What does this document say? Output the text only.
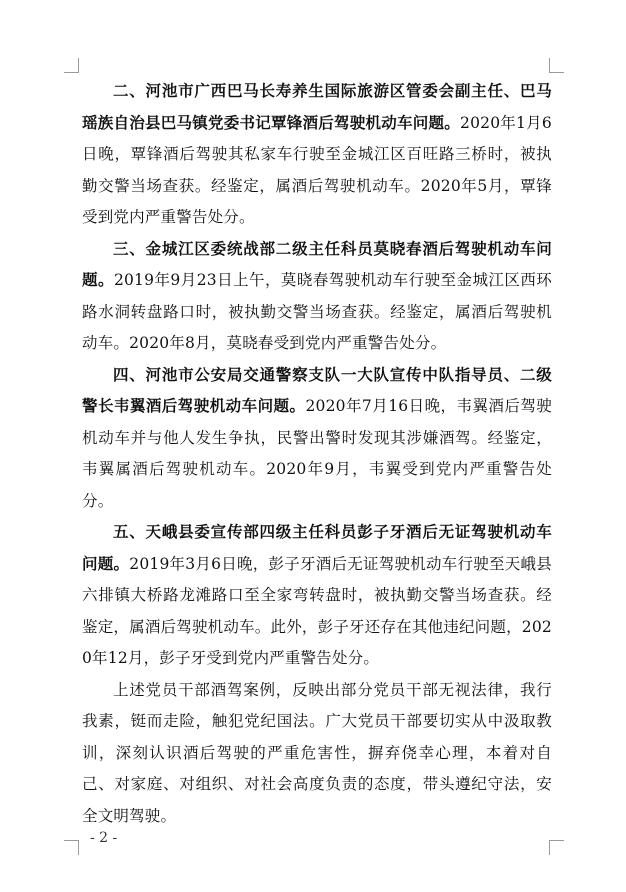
二、河池市广西巴马长寿养生国际旅游区管委会副主任、巴马瑶族自治县巴马镇党委书记覃锋酒后驾驶机动车问题。2020年1月6日晚，覃锋酒后驾驶其私家车行驶至金城江区百旺路三桥时，被执勤交警当场查获。经鉴定，属酒后驾驶机动车。2020年5月，覃锋受到党内严重警告处分。

三、金城江区委统战部二级主任科员莫晓春酒后驾驶机动车问题。2019年9月23日上午，莫晓春驾驶机动车行驶至金城江区西环路水洞转盘路口时，被执勤交警当场查获。经鉴定，属酒后驾驶机动车。2020年8月，莫晓春受到党内严重警告处分。

四、河池市公安局交通警察支队一大队宣传中队指导员、二级警长韦翼酒后驾驶机动车问题。2020年7月16日晚，韦翼酒后驾驶机动车并与他人发生争执，民警出警时发现其涉嫌酒驾。经鉴定，韦翼属酒后驾驶机动车。2020年9月，韦翼受到党内严重警告处分。

五、天峨县委宣传部四级主任科员彭子牙酒后无证驾驶机动车问题。2019年3月6日晚，彭子牙酒后无证驾驶机动车行驶至天峨县六排镇大桥路龙滩路口至全家弯转盘时，被执勤交警当场查获。经鉴定，属酒后驾驶机动车。此外，彭子牙还存在其他违纪问题，2020年12月，彭子牙受到党内严重警告处分。

上述党员干部酒驾案例，反映出部分党员干部无视法律，我行我素，铤而走险，触犯党纪国法。广大党员干部要切实从中汲取教训，深刻认识酒后驾驶的严重危害性，摒弃侥幸心理，本着对自己、对家庭、对组织、对社会高度负责的态度，带头遵纪守法，安全文明驾驶。

- 2 -
